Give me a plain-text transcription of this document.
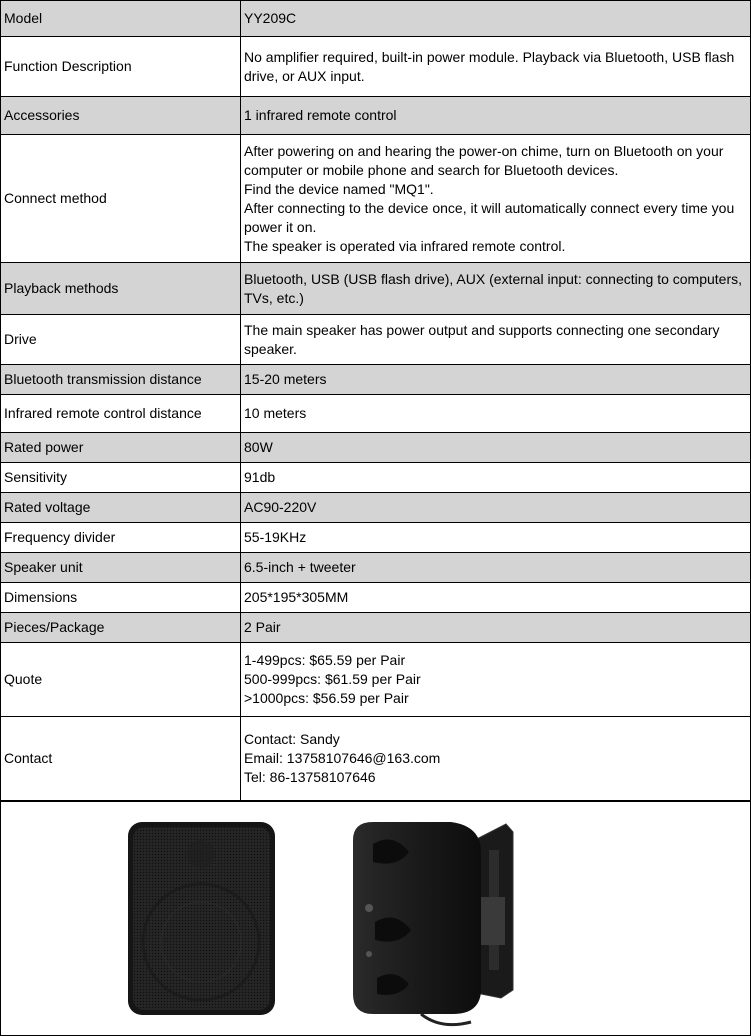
Model	YY209C

Function Description	No amplifier required, built-in power module. Playback via Bluetooth, USB flash drive, or AUX input.

Accessories	1 infrared remote control

Connect method	After powering on and hearing the power-on chime, turn on Bluetooth on your computer or mobile phone and search for Bluetooth devices.
Find the device named "MQ1".
After connecting to the device once, it will automatically connect every time you power it on.
The speaker is operated via infrared remote control.

Playback methods	Bluetooth, USB (USB flash drive), AUX (external input: connecting to computers, TVs, etc.)

Drive	The main speaker has power output and supports connecting one secondary speaker.

Bluetooth transmission distance	15-20 meters

Infrared remote control distance	10 meters

Rated power	80W

Sensitivity	91db

Rated voltage	AC90-220V

Frequency divider	55-19KHz

Speaker unit	6.5-inch + tweeter

Dimensions	205*195*305MM

Pieces/Package	2 Pair

Quote	1-499pcs: $65.59 per Pair
500-999pcs: $61.59 per Pair
>1000pcs: $56.59 per Pair

Contact	Contact: Sandy
Email: 13758107646@163.com
Tel: 86-13758107646
